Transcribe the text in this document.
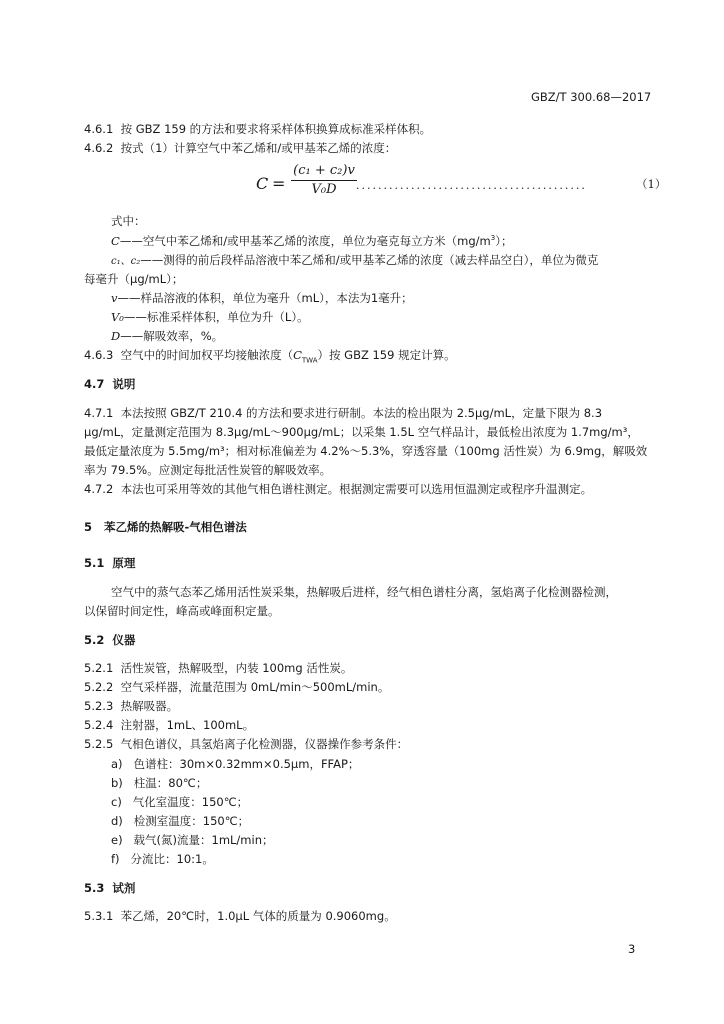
GBZ/T 300.68—2017
4.6.1 按 GBZ 159 的方法和要求将采样体积换算成标准采样体积。
4.6.2 按式（1）计算空气中苯乙烯和/或甲基苯乙烯的浓度：
C =
(c₁ + c₂)v
V₀D	..........................................	（1）
式中：
C——空气中苯乙烯和/或甲基苯乙烯的浓度，单位为毫克每立方米$(mg/m^3)$；
c₁、c₂——测得的前后段样品溶液中苯乙烯和/或甲基苯乙烯的浓度（减去样品空白），单位为微克
每毫升（μg/mL）；
v——样品溶液的体积，单位为毫升（mL），本法为1毫升；
V₀——标准采样体积，单位为升（L）。
D——解吸效率，%。
4.6.3 空气中的时间加权平均接触浓度$(C_{TWA})$按 GBZ 159 规定计算。
4.7 说明
4.7.1 本法按照 GBZ/T 210.4 的方法和要求进行研制。本法的检出限为 2.5μg/mL，定量下限为 8.3
μg/mL，定量测定范围为 8.3μg/mL～900μg/mL；以采集 1.5L 空气样品计，最低检出浓度为 1.7mg/m³，
最低定量浓度为 5.5mg/m³；相对标准偏差为 4.2%～5.3%，穿透容量（100mg 活性炭）为 6.9mg，解吸效
率为 79.5%。应测定每批活性炭管的解吸效率。
4.7.2 本法也可采用等效的其他气相色谱柱测定。根据测定需要可以选用恒温测定或程序升温测定。
5 苯乙烯的热解吸-气相色谱法
5.1 原理
空气中的蒸气态苯乙烯用活性炭采集，热解吸后进样，经气相色谱柱分离，氢焰离子化检测器检测，
以保留时间定性，峰高或峰面积定量。
5.2 仪器
5.2.1 活性炭管，热解吸型，内装 100mg 活性炭。
5.2.2 空气采样器，流量范围为 0mL/min～500mL/min。
5.2.3 热解吸器。
5.2.4 注射器，1mL、100mL。
5.2.5 气相色谱仪，具氢焰离子化检测器，仪器操作参考条件：
a) 色谱柱：30m×0.32mm×0.5μm，FFAP；
b) 柱温：80℃；
c) 气化室温度：150℃；
d) 检测室温度：150℃；
e) 载气(氮)流量：1mL/min；
f) 分流比：10:1。
5.3 试剂
5.3.1 苯乙烯，20℃时，1.0μL 气体的质量为 0.9060mg。
3
